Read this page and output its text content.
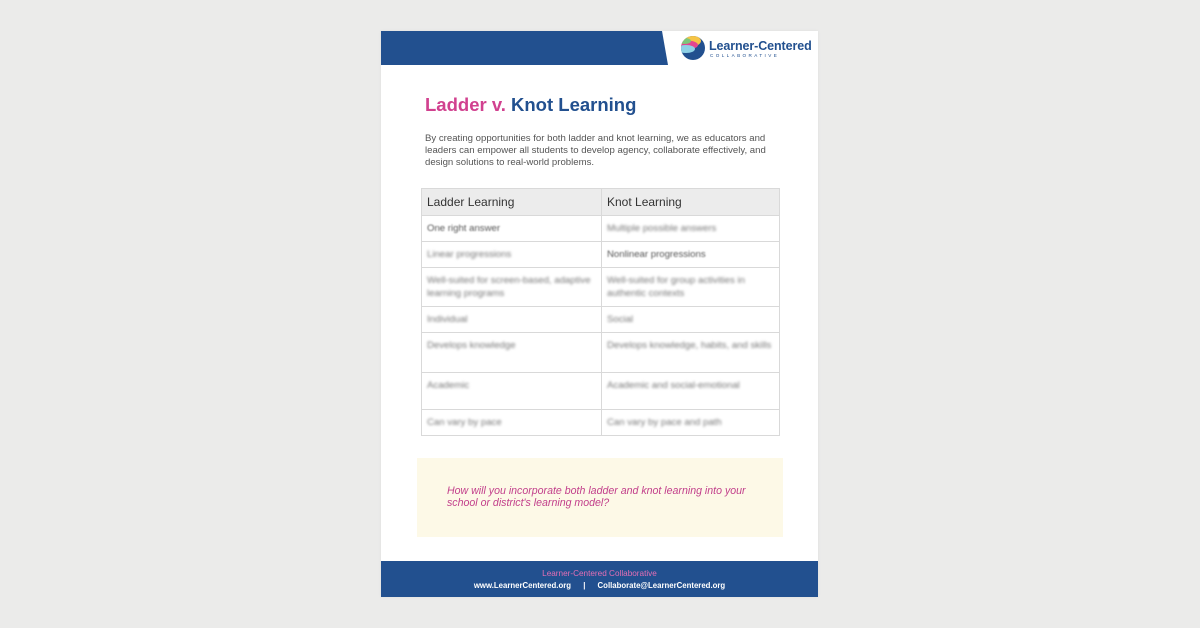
Learner-Centered
COLLABORATIVE
Ladder v. Knot Learning

By creating opportunities for both ladder and knot learning, we as educators and leaders can empower all students to develop agency, collaborate effectively, and design solutions to real-world problems.

Ladder Learning	Knot Learning
One right answer	Multiple possible answers
Linear progressions	Nonlinear progressions
Well-suited for screen-based, adaptive learning programs	Well-suited for group activities in authentic contexts
Individual	Social
Develops knowledge	Develops knowledge, habits, and skills
Academic	Academic and social-emotional
Can vary by pace	Can vary by pace and path

How will you incorporate both ladder and knot learning into your school or district's learning model?

Learner-Centered Collaborative
www.LearnerCentered.org | Collaborate@LearnerCentered.org
